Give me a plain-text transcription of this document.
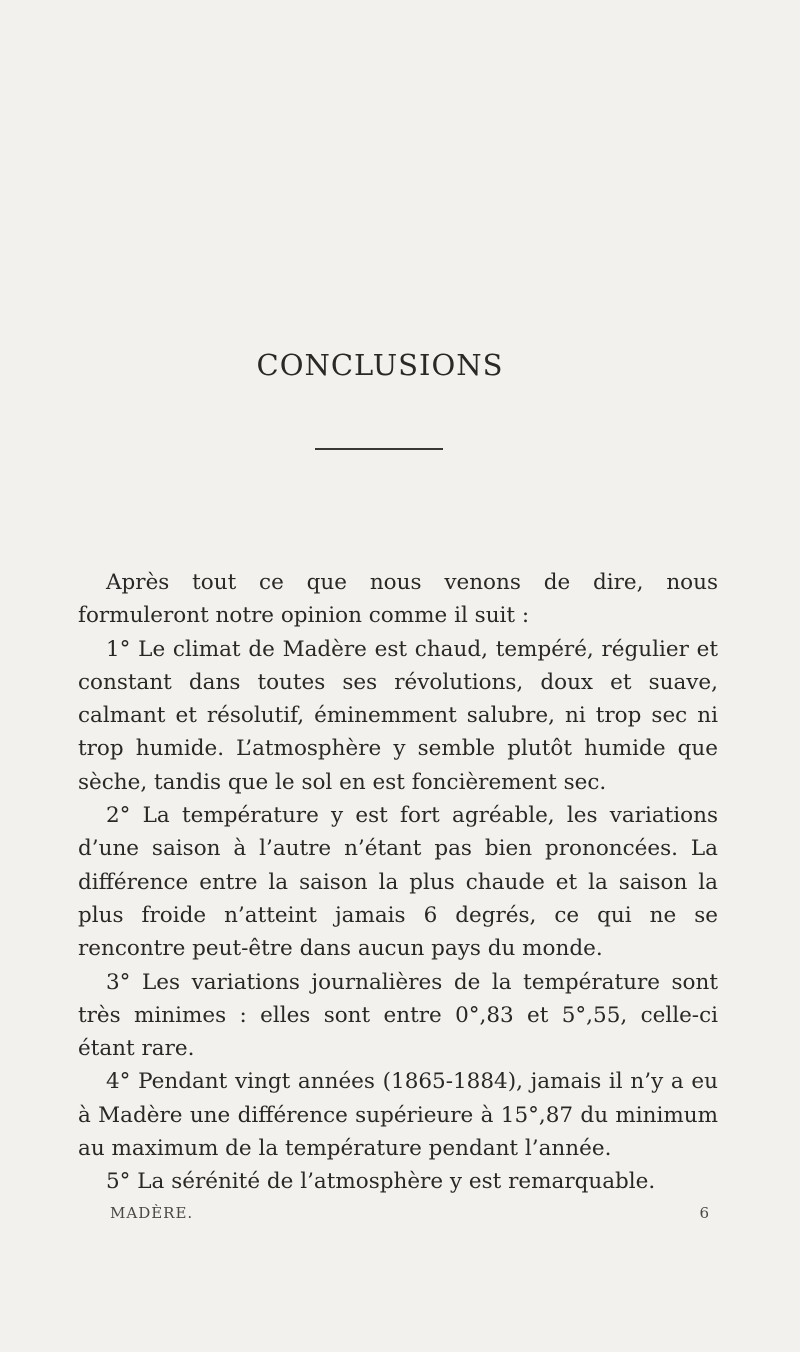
CONCLUSIONS

Après tout ce que nous venons de dire, nous formuleront notre opinion comme il suit :

1° Le climat de Madère est chaud, tempéré, régulier et constant dans toutes ses révolutions, doux et suave, calmant et résolutif, éminemment salubre, ni trop sec ni trop humide. L’atmosphère y semble plutôt humide que sèche, tandis que le sol en est foncièrement sec.

2° La température y est fort agréable, les variations d’une saison à l’autre n’étant pas bien prononcées. La différence entre la saison la plus chaude et la saison la plus froide n’atteint jamais 6 degrés, ce qui ne se rencontre peut-être dans aucun pays du monde.

3° Les variations journalières de la température sont très minimes : elles sont entre 0°,83 et 5°,55, celle-ci étant rare.

4° Pendant vingt années (1865-1884), jamais il n’y a eu à Madère une différence supérieure à 15°,87 du minimum au maximum de la température pendant l’année.

5° La sérénité de l’atmosphère y est remarquable.

MADÈRE.	6
